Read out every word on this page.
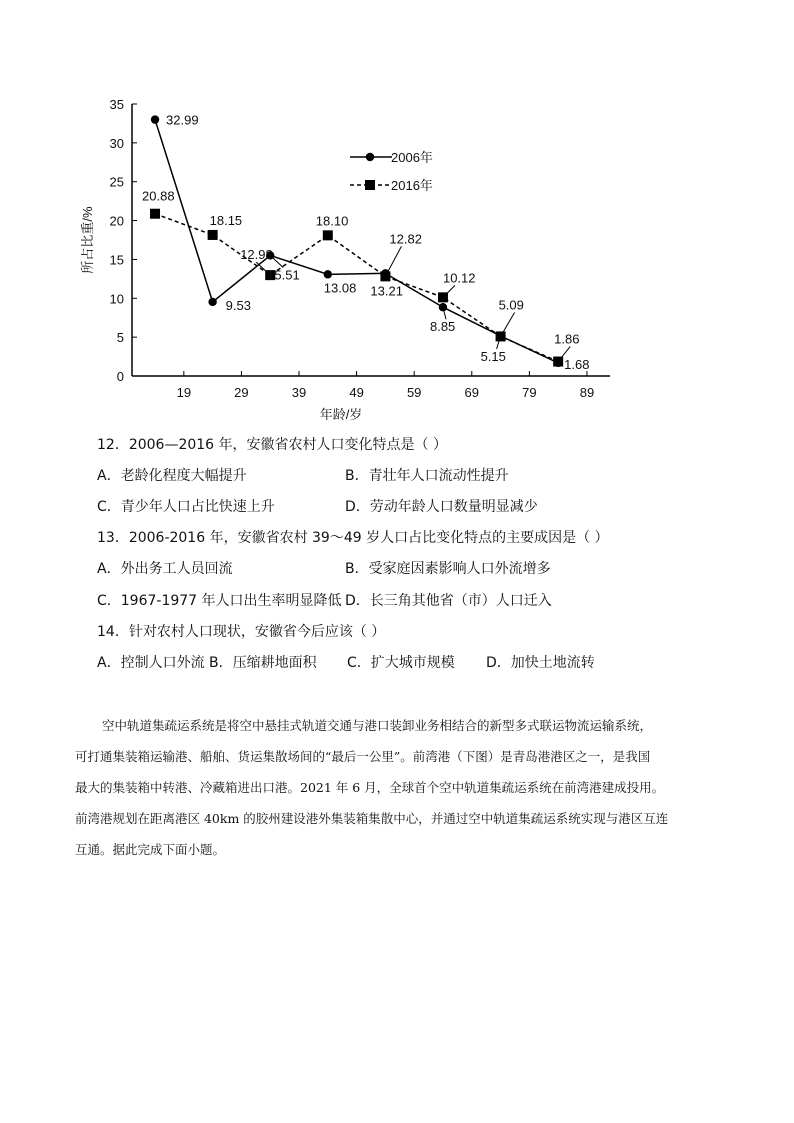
0
5
10
15
20
25
30
35
19	29	39	49	59	69	79	89
年龄/岁
所占比重/%
32.99
20.88
18.15
9.53
12.98
15.51
18.10
13.08
12.82
13.21
10.12
8.85
5.09
5.15
1.86
1.68
2006年
2016年
12．2006—2016 年，安徽省农村人口变化特点是（ ）
A．老龄化程度大幅提升	B．青壮年人口流动性提升
C．青少年人口占比快速上升	D．劳动年龄人口数量明显减少
13．2006-2016 年，安徽省农村 39～49 岁人口占比变化特点的主要成因是（ ）
A．外出务工人员回流	B．受家庭因素影响人口外流增多
C．1967-1977 年人口出生率明显降低 D．长三角其他省（市）人口迁入
14．针对农村人口现状，安徽省今后应该（ ）
A．控制人口外流 B．压缩耕地面积 C．扩大城市规模 D．加快土地流转
空中轨道集疏运系统是将空中悬挂式轨道交通与港口装卸业务相结合的新型多式联运物流运输系统，
可打通集装箱运输港、船舶、货运集散场间的“最后一公里”。前湾港（下图）是青岛港港区之一，是我国
最大的集装箱中转港、冷藏箱进出口港。2021 年 6 月，全球首个空中轨道集疏运系统在前湾港建成投用。
前湾港规划在距离港区 40km 的胶州建设港外集装箱集散中心，并通过空中轨道集疏运系统实现与港区互连
互通。据此完成下面小题。
